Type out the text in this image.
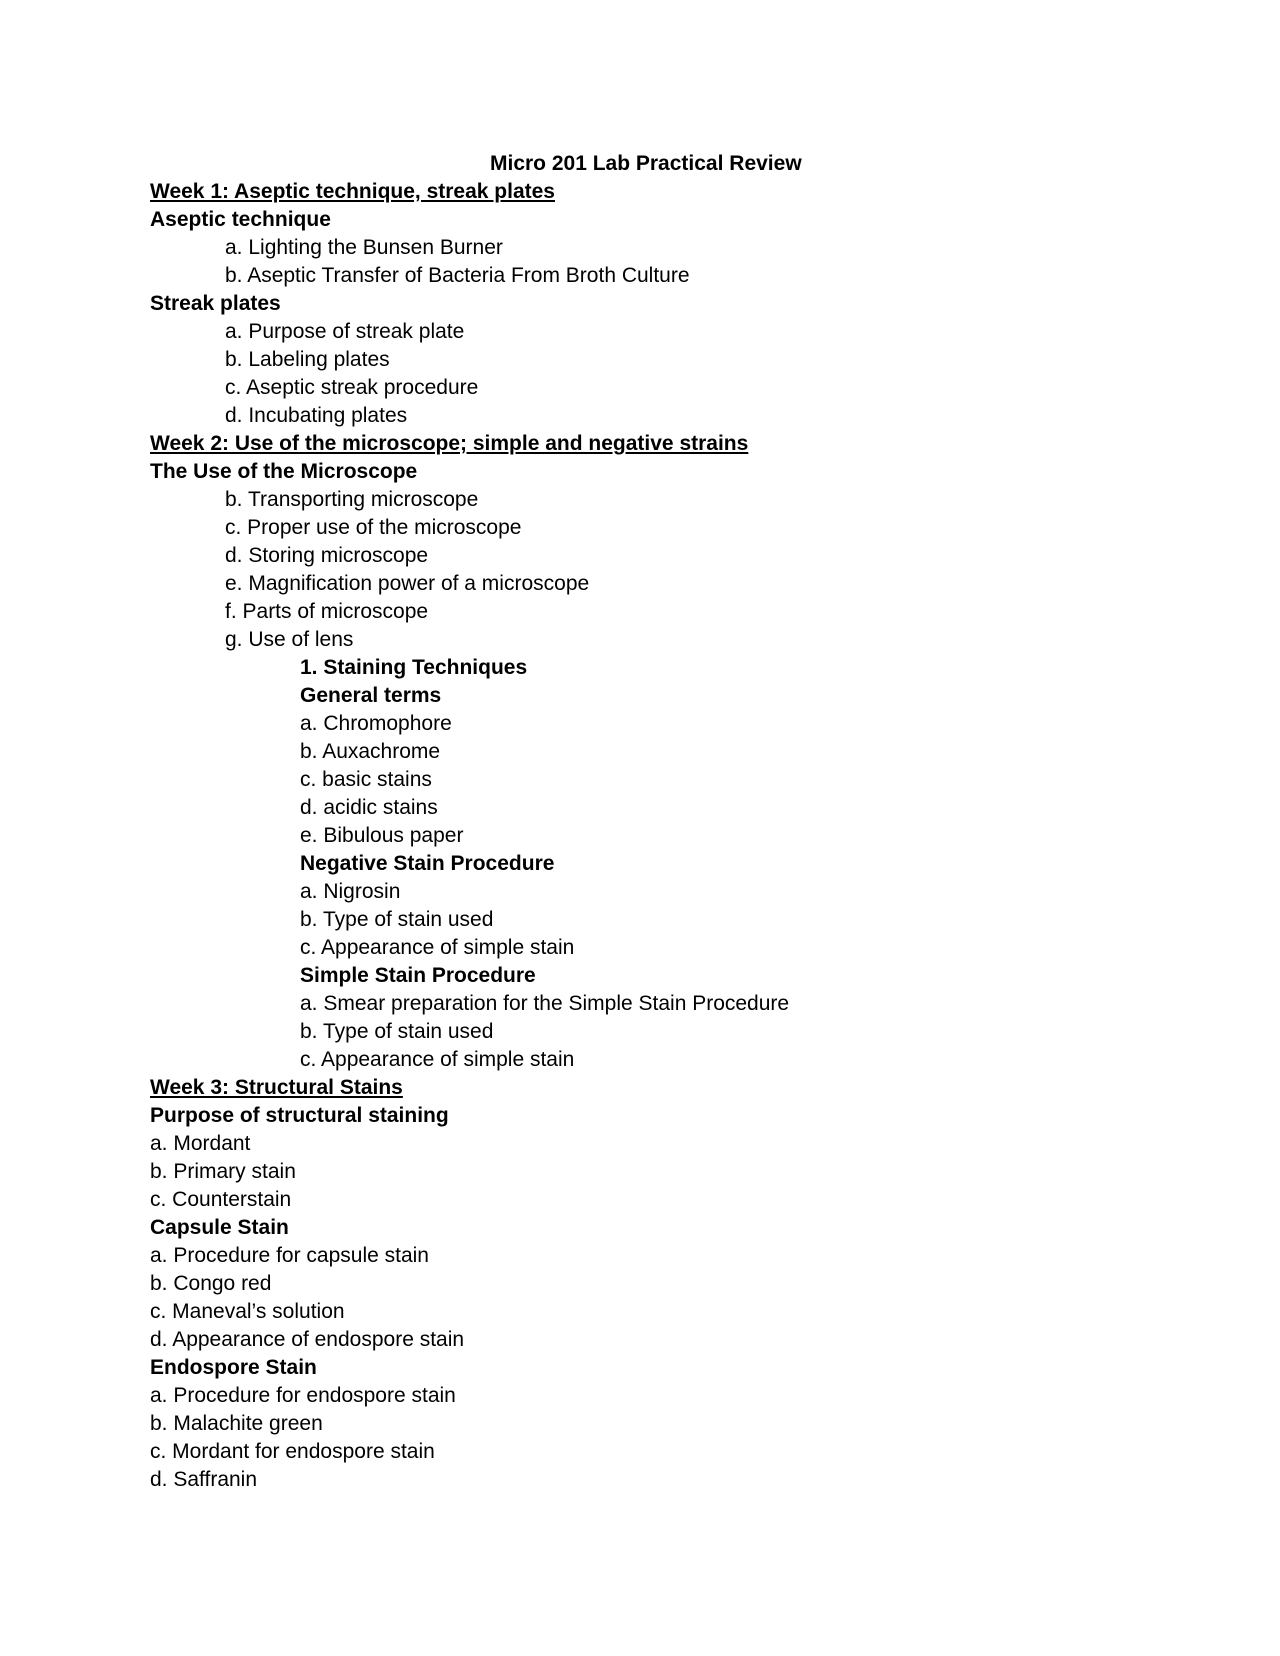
Micro 201 Lab Practical Review
Week 1: Aseptic technique, streak plates
Aseptic technique
a. Lighting the Bunsen Burner
b. Aseptic Transfer of Bacteria From Broth Culture
Streak plates
a. Purpose of streak plate
b. Labeling plates
c. Aseptic streak procedure
d. Incubating plates
Week 2: Use of the microscope; simple and negative strains
The Use of the Microscope
b. Transporting microscope
c. Proper use of the microscope
d. Storing microscope
e. Magnification power of a microscope
f. Parts of microscope
g. Use of lens
1. Staining Techniques
General terms
a. Chromophore
b. Auxachrome
c. basic stains
d. acidic stains
e. Bibulous paper
Negative Stain Procedure
a. Nigrosin
b. Type of stain used
c. Appearance of simple stain
Simple Stain Procedure
a. Smear preparation for the Simple Stain Procedure
b. Type of stain used
c. Appearance of simple stain
Week 3: Structural Stains
Purpose of structural staining
a. Mordant
b. Primary stain
c. Counterstain
Capsule Stain
a. Procedure for capsule stain
b. Congo red
c. Maneval’s solution
d. Appearance of endospore stain
Endospore Stain
a. Procedure for endospore stain
b. Malachite green
c. Mordant for endospore stain
d. Saffranin
